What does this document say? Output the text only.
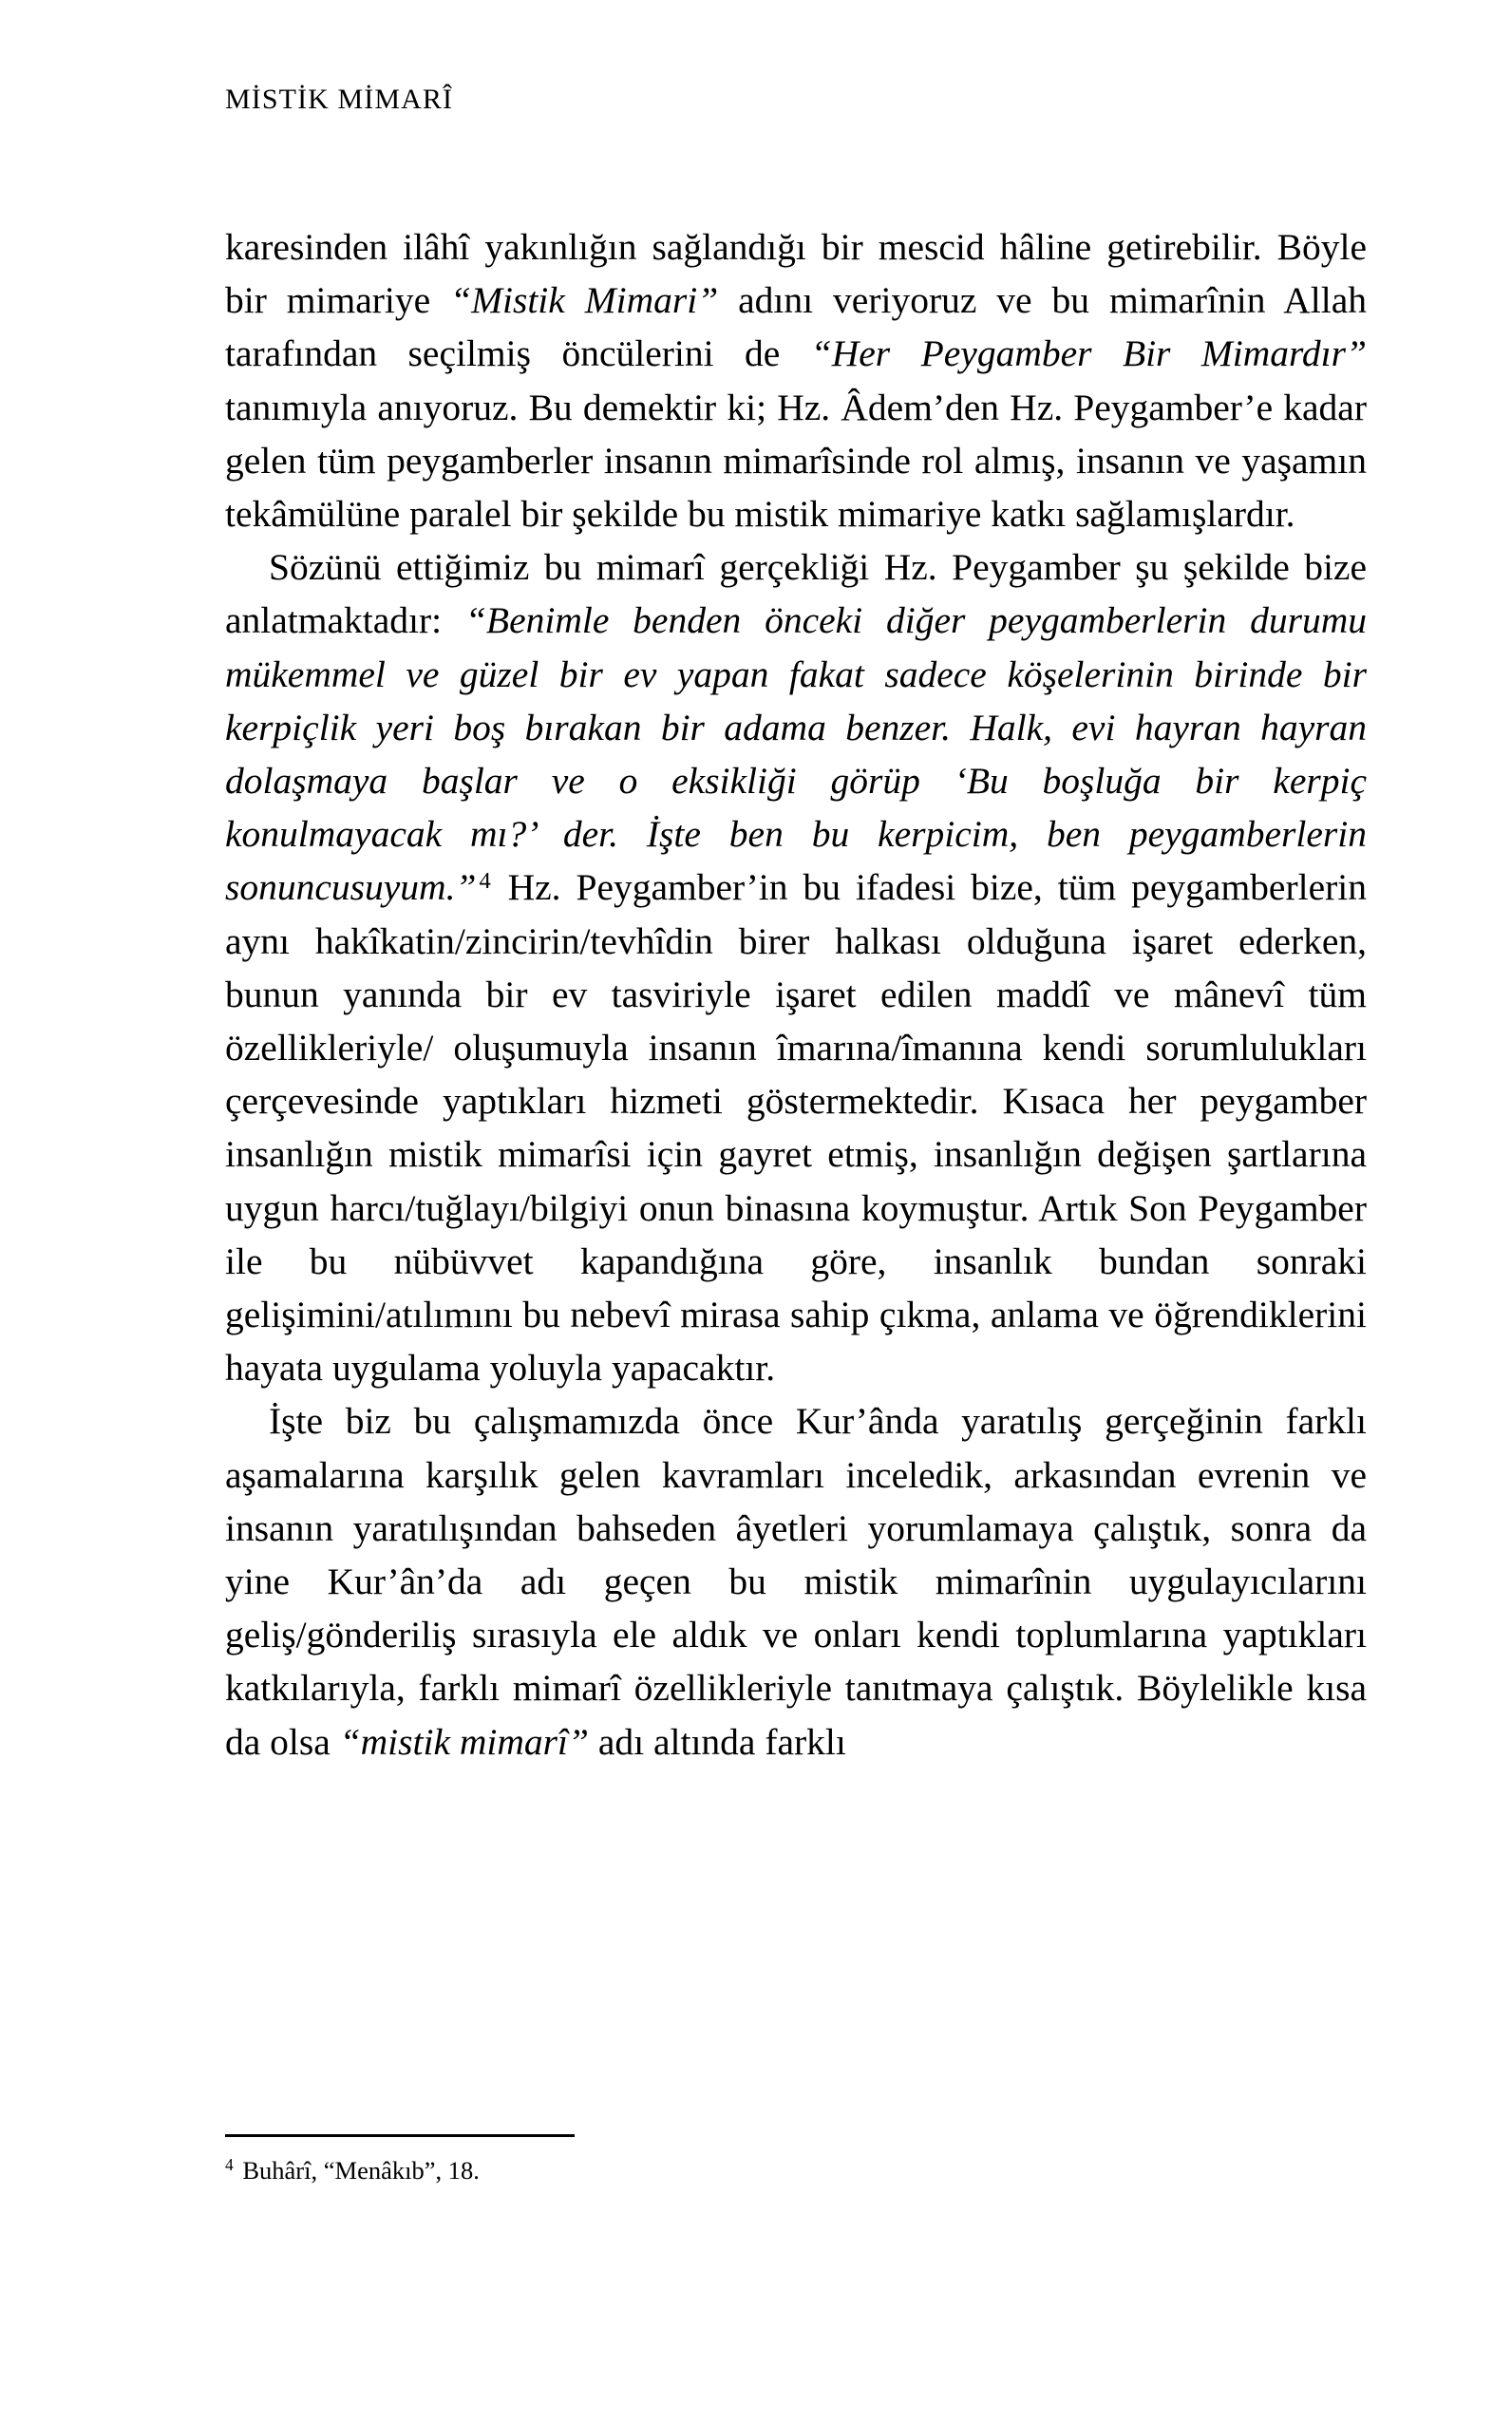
MİSTİK MİMARÎ

karesinden ilâhî yakınlığın sağlandığı bir mescid hâline getirebilir. Böyle bir mimariye “Mistik Mimari” adını veriyoruz ve bu mimarînin Allah tarafından seçilmiş öncülerini de “Her Peygamber Bir Mimardır” tanımıyla anıyoruz. Bu demektir ki; Hz. Âdem’den Hz. Peygamber’e kadar gelen tüm peygamberler insanın mimarîsinde rol almış, insanın ve yaşamın tekâmülüne paralel bir şekilde bu mistik mimariye katkı sağlamışlardır.

Sözünü ettiğimiz bu mimarî gerçekliği Hz. Peygamber şu şekilde bize anlatmaktadır: “Benimle benden önceki diğer peygamberlerin durumu mükemmel ve güzel bir ev yapan fakat sadece köşelerinin birinde bir kerpiçlik yeri boş bırakan bir adama benzer. Halk, evi hayran hayran dolaşmaya başlar ve o eksikliği görüp ‘Bu boşluğa bir kerpiç konulmayacak mı?’ der. İşte ben bu kerpicim, ben peygamberlerin sonuncusuyum.” $^4$ Hz. Peygamber’in bu ifadesi bize, tüm peygamberlerin aynı hakîkatin/zincirin/tevhîdin birer halkası olduğuna işaret ederken, bunun yanında bir ev tasviriyle işaret edilen maddî ve mânevî tüm özellikleriyle/ oluşumuyla insanın îmarına/îmanına kendi sorumlulukları çerçevesinde yaptıkları hizmeti göstermektedir. Kısaca her peygamber insanlığın mistik mimarîsi için gayret etmiş, insanlığın değişen şartlarına uygun harcı/tuğlayı/bilgiyi onun binasına koymuştur. Artık Son Peygamber ile bu nübüvvet kapandığına göre, insanlık bundan sonraki gelişimini/atılımını bu nebevî mirasa sahip çıkma, anlama ve öğrendiklerini hayata uygulama yoluyla yapacaktır.

İşte biz bu çalışmamızda önce Kur’ânda yaratılış gerçeğinin farklı aşamalarına karşılık gelen kavramları inceledik, arkasından evrenin ve insanın yaratılışından bahseden âyetleri yorumlamaya çalıştık, sonra da yine Kur’ân’da adı geçen bu mistik mimarînin uygulayıcılarını geliş/gönderiliş sırasıyla ele aldık ve onları kendi toplumlarına yaptıkları katkılarıyla, farklı mimarî özellikleriyle tanıtmaya çalıştık. Böylelikle kısa da olsa “mistik mimarî” adı altında farklı

$^4$ Buhârî, “Menâkıb”, 18.
